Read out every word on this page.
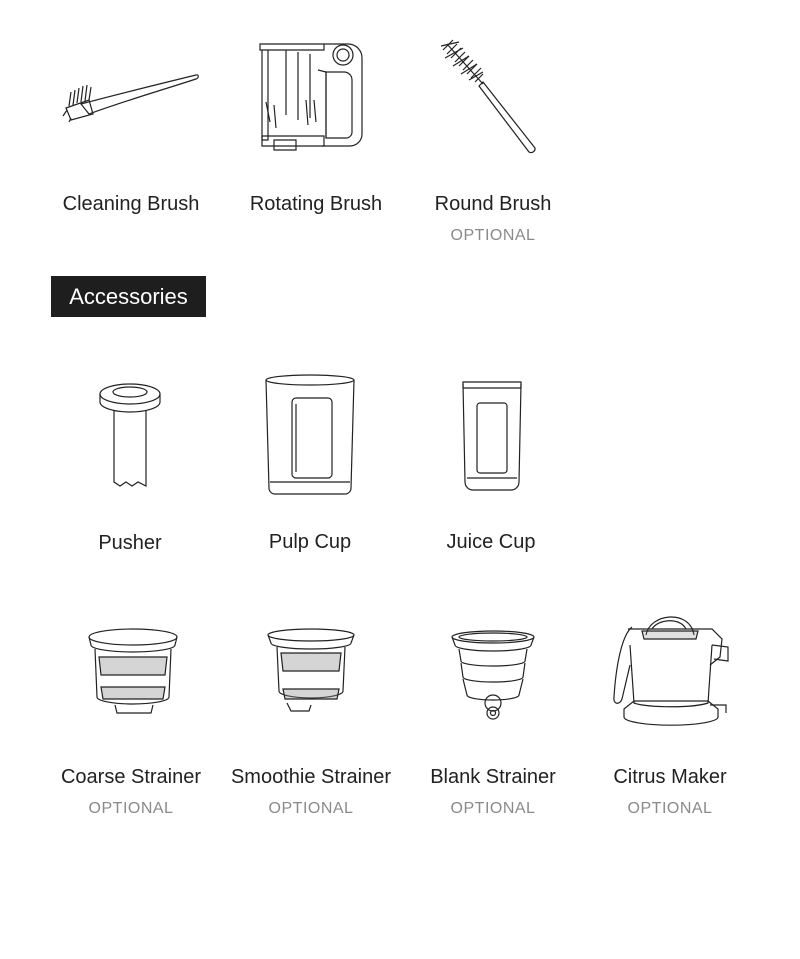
Cleaning Brush	Rotating Brush	Round Brush
OPTIONAL
Accessories
Pusher	Pulp Cup	Juice Cup
Coarse Strainer
OPTIONAL
Smoothie Strainer
OPTIONAL
Blank Strainer
OPTIONAL
Citrus Maker
OPTIONAL
